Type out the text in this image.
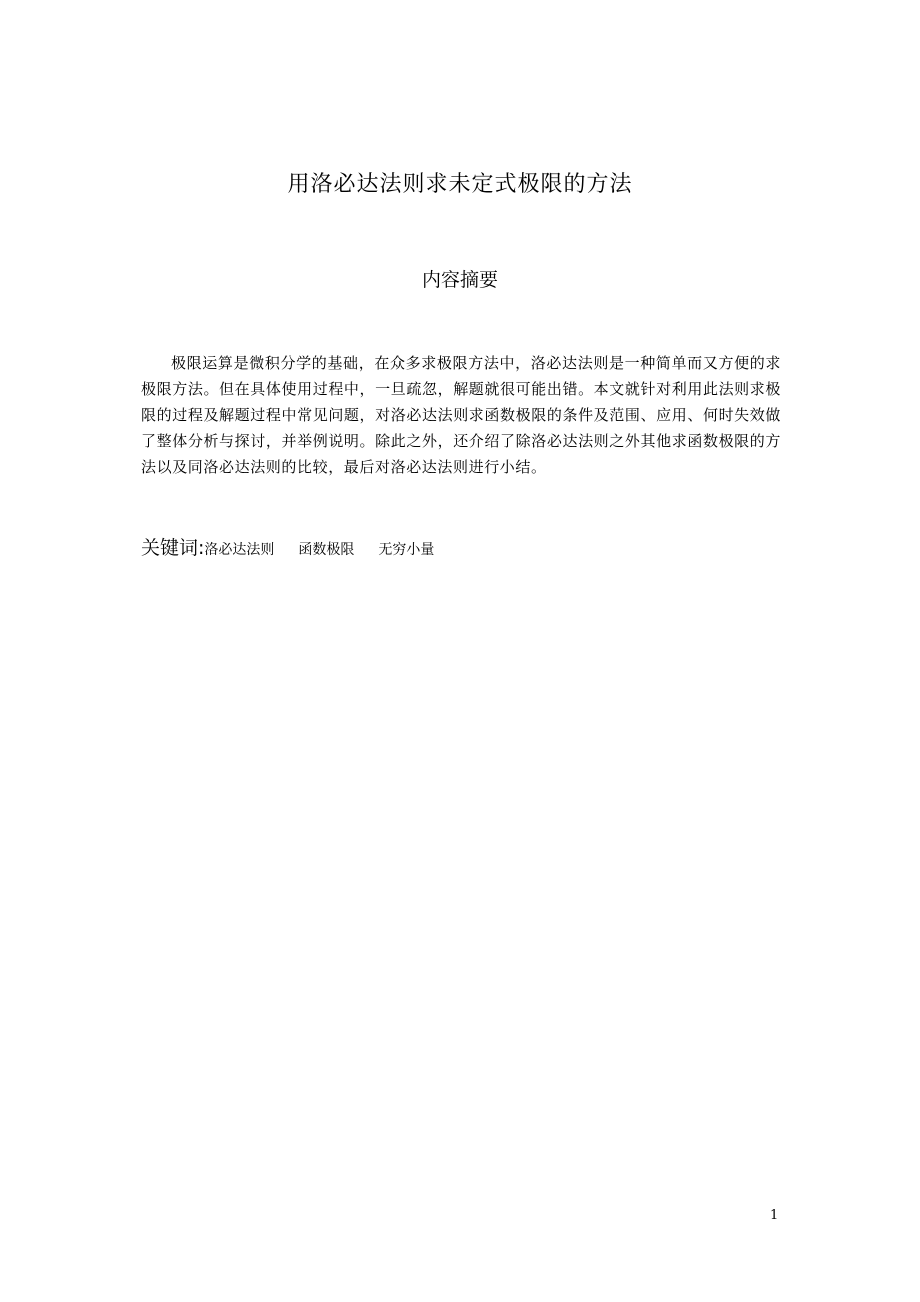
用洛必达法则求未定式极限的方法
内容摘要

极限运算是微积分学的基础，在众多求极限方法中，洛必达法则是一种简单而又方便的求极限方法。但在具体使用过程中，一旦疏忽，解题就很可能出错。本文就针对利用此法则求极限的过程及解题过程中常见问题，对洛必达法则求函数极限的条件及范围、应用、何时失效做了整体分析与探讨，并举例说明。除此之外，还介绍了除洛必达法则之外其他求函数极限的方法以及同洛必达法则的比较，最后对洛必达法则进行小结。

关键词:洛必达法则 函数极限 无穷小量
1
